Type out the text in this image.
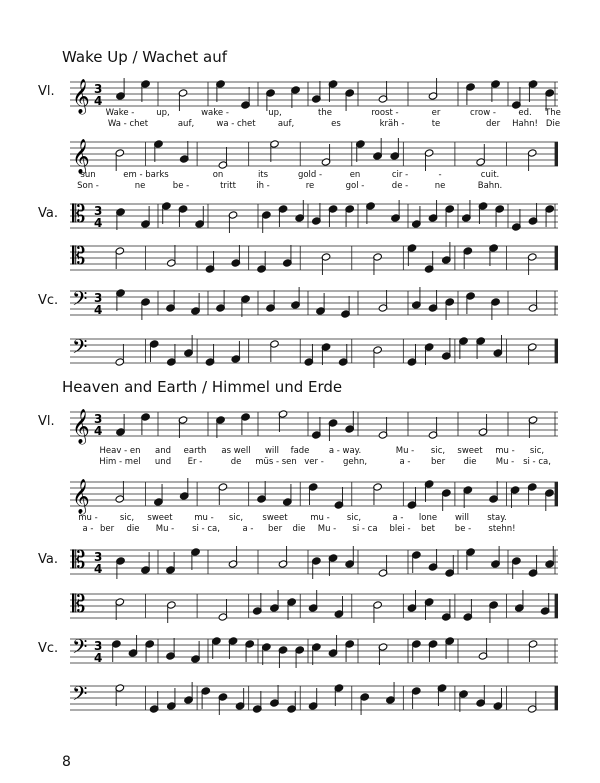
Wake Up / Wachet auf
Vl. 𝄞 3
4
𝄞
Va. 𝄡 3
4
𝄡
Vc. 𝄢 3
4
𝄢
Heaven and Earth / Himmel und Erde
Vl. 𝄞 3
4
𝄞
Va. 𝄡 3
4
𝄡
Vc. 𝄢 3
4
𝄢
8
Wake -	up,	wake -	up,	the	roost -	er	crow -	ed. The
Wa - chet	auf,	wa - chet	auf,	es	kräh -	te	der Hahn! Die
sun	em - barks	on	its	gold -	en	cir -	-	cuit.
Son -	ne	be -	tritt ih -	re	gol -	de -	ne	Bahn.
Heav - en and earth as well will fade a - way.	Mu - sic, sweet mu - sic,
Him - mel und Er -	de müs - sen ver - gehn,	a - ber die Mu - si - ca,
mu -	sic, sweet	mu - sic, sweet	mu - sic,	a - lone will stay.
a - ber die Mu - si - ca,	a - ber die Mu - si - ca blei - bet be - stehn!
